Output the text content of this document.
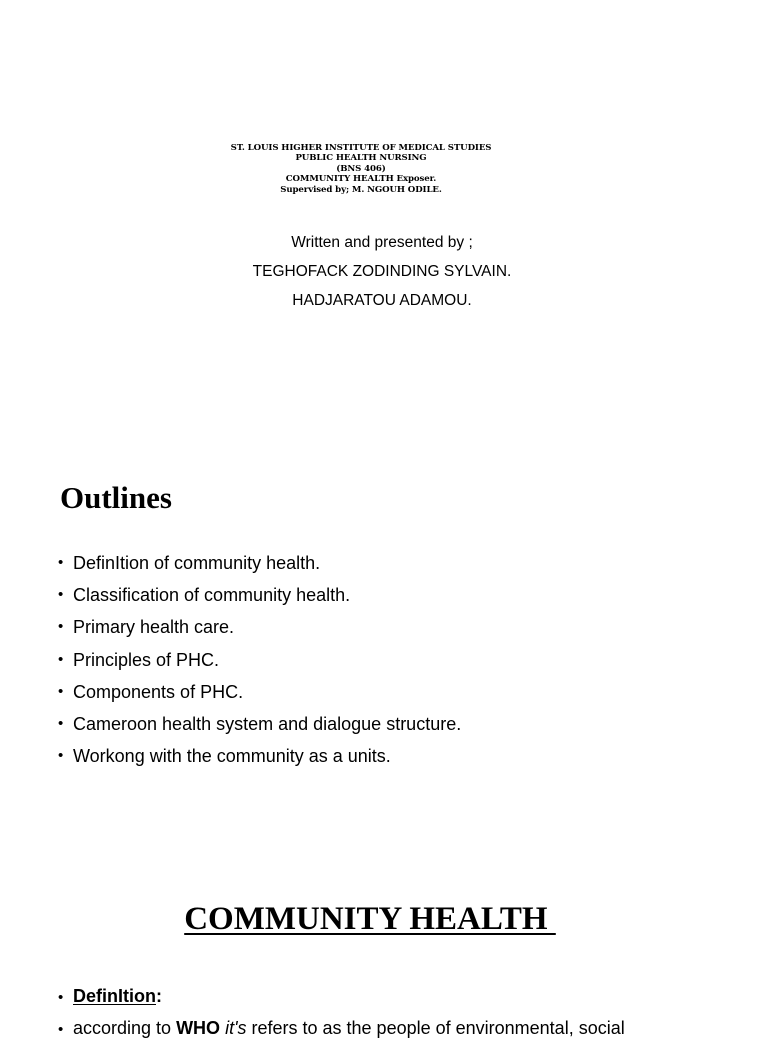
ST. LOUIS HIGHER INSTITUTE OF MEDICAL STUDIES
PUBLIC HEALTH NURSING
(BNS 406)
COMMUNITY HEALTH Exposer.
Supervised by; M. NGOUH ODILE.
Written and presented by ;
TEGHOFACK ZODINDING SYLVAIN.
HADJARATOU ADAMOU.
Outlines
• DefinItion of community health.
• Classification of community health.
• Primary health care.
• Principles of PHC.
• Components of PHC.
• Cameroon health system and dialogue structure.
• Workong with the community as a units.
COMMUNITY HEALTH
• DefinItion:
• according to WHO it's refers to as the people of environmental, social
